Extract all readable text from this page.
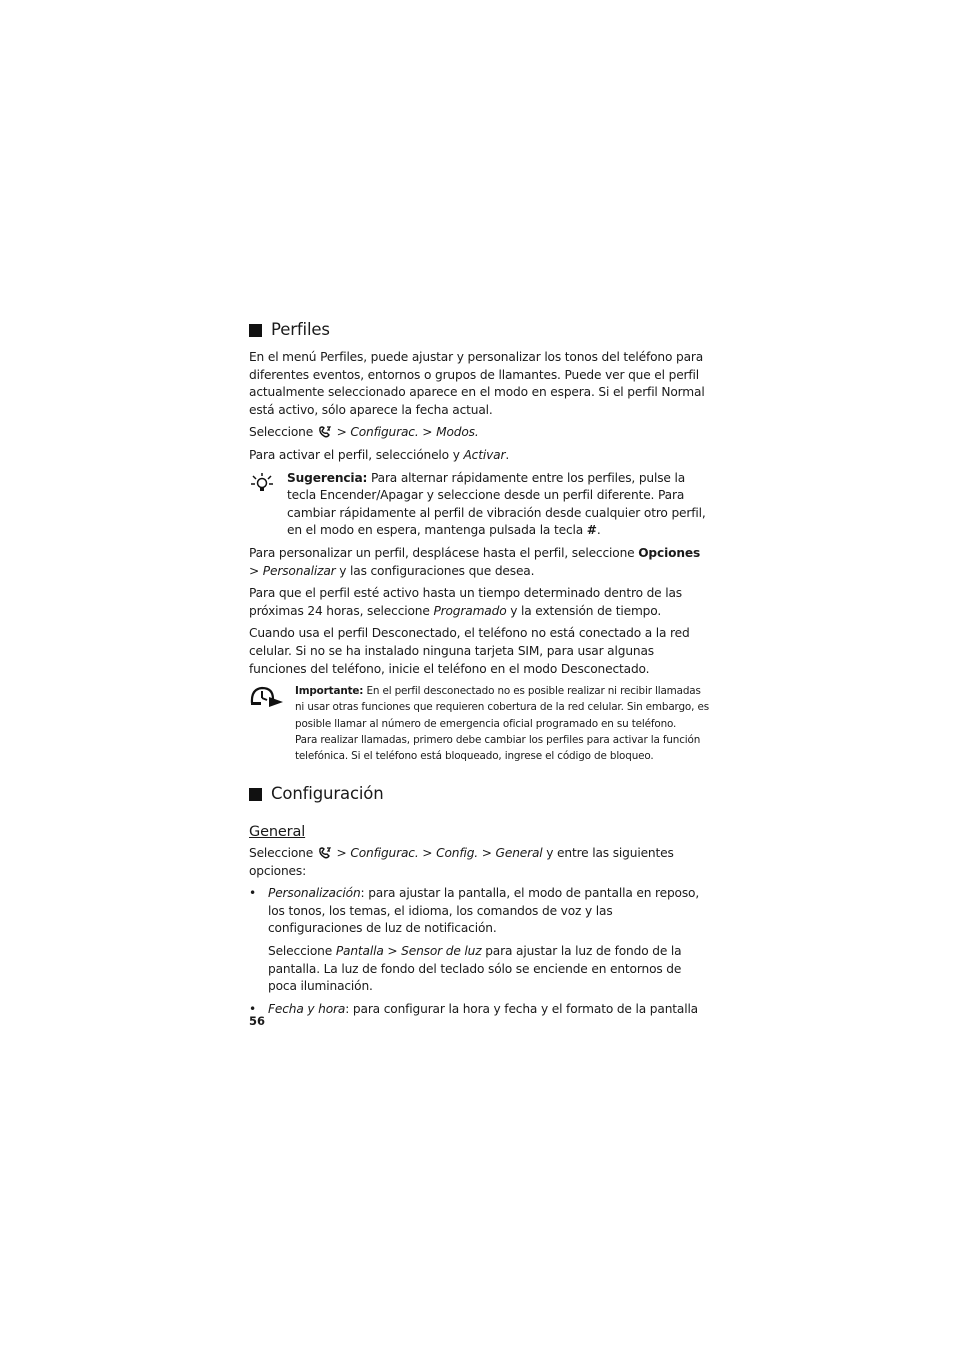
Perfiles

En el menú Perfiles, puede ajustar y personalizar los tonos del teléfono para diferentes eventos, entornos o grupos de llamantes. Puede ver que el perfil actualmente seleccionado aparece en el modo en espera. Si el perfil Normal está activo, sólo aparece la fecha actual.

Seleccione > Configurac. > Modos.

Para activar el perfil, selecciónelo y Activar.

Sugerencia: Para alternar rápidamente entre los perfiles, pulse la tecla Encender/Apagar y seleccione desde un perfil diferente. Para cambiar rápidamente al perfil de vibración desde cualquier otro perfil, en el modo en espera, mantenga pulsada la tecla #.

Para personalizar un perfil, desplácese hasta el perfil, seleccione Opciones > Personalizar y las configuraciones que desea.

Para que el perfil esté activo hasta un tiempo determinado dentro de las próximas 24 horas, seleccione Programado y la extensión de tiempo.

Cuando usa el perfil Desconectado, el teléfono no está conectado a la red celular. Si no se ha instalado ninguna tarjeta SIM, para usar algunas funciones del teléfono, inicie el teléfono en el modo Desconectado.

Importante: En el perfil desconectado no es posible realizar ni recibir llamadas ni usar otras funciones que requieren cobertura de la red celular. Sin embargo, es posible llamar al número de emergencia oficial programado en su teléfono.
Para realizar llamadas, primero debe cambiar los perfiles para activar la función telefónica. Si el teléfono está bloqueado, ingrese el código de bloqueo.
Configuración
General

Seleccione  > Configurac. > Config. > General y entre las siguientes opciones:

• Personalización: para ajustar la pantalla, el modo de pantalla en reposo, los tonos, los temas, el idioma, los comandos de voz y las configuraciones de luz de notificación.

Seleccione Pantalla > Sensor de luz para ajustar la luz de fondo de la pantalla. La luz de fondo del teclado sólo se enciende en entornos de poca iluminación.

• Fecha y hora: para configurar la hora y fecha y el formato de la pantalla
56
